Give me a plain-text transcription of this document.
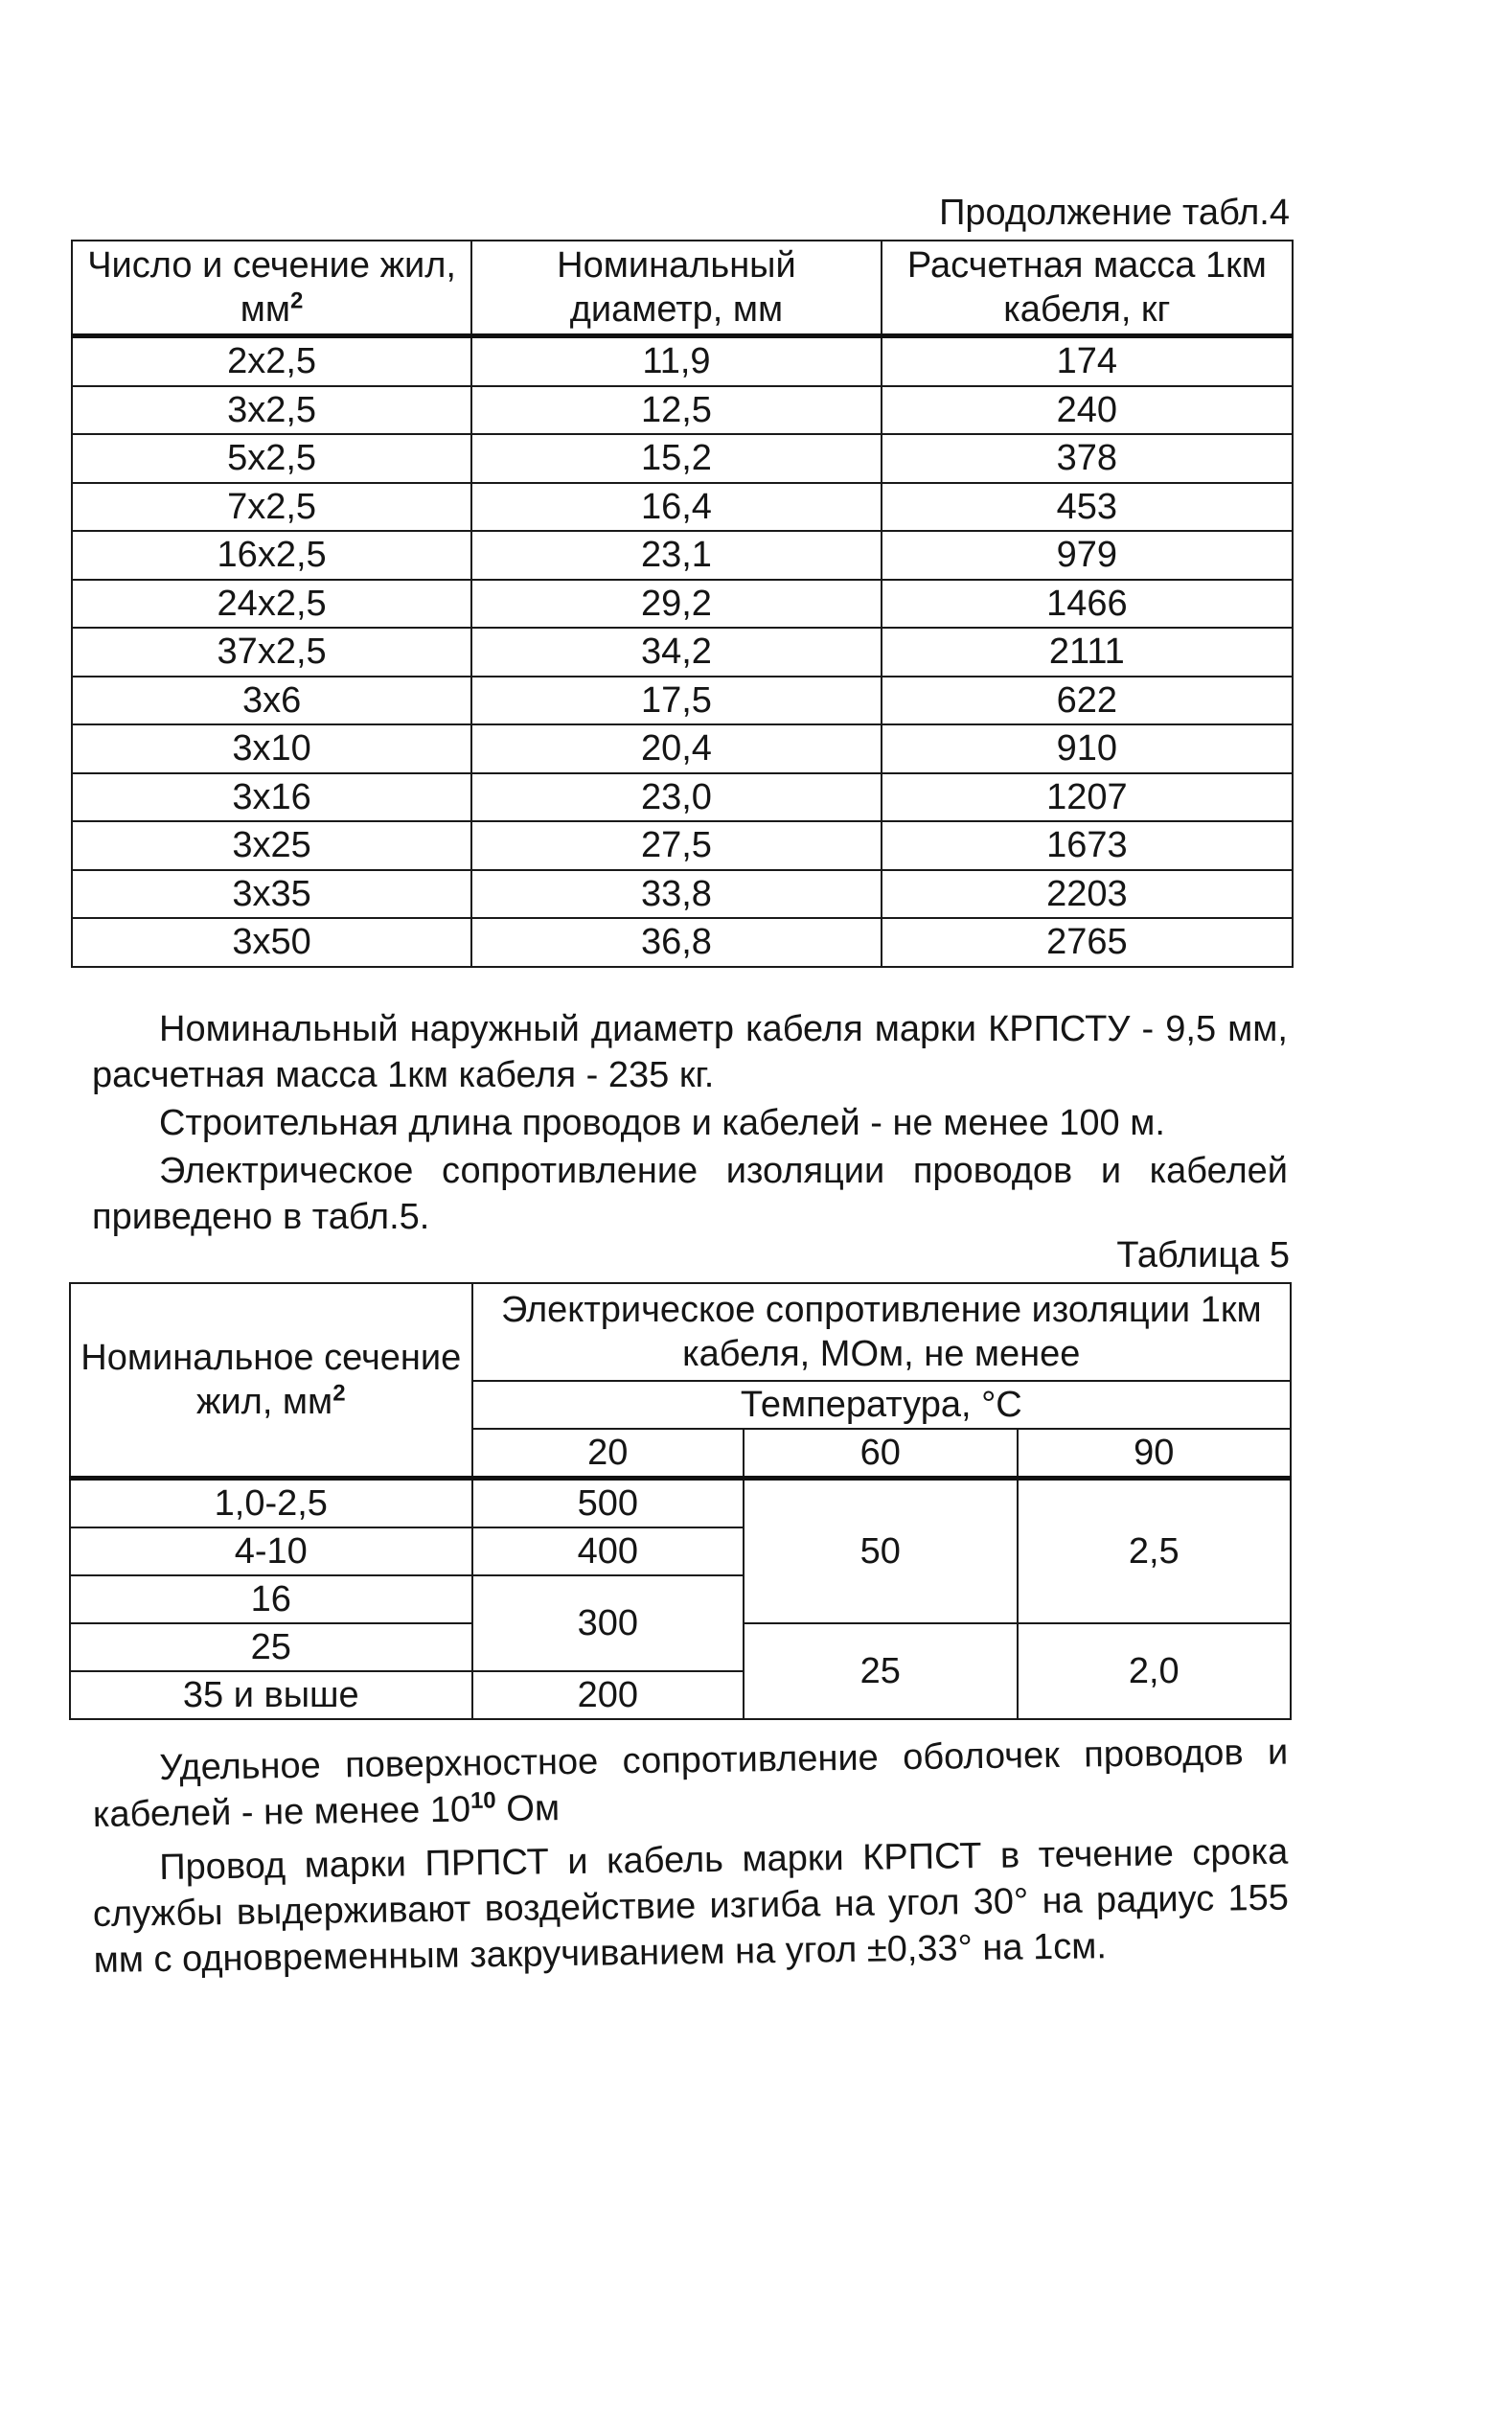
Продолжение табл.4
Число и сечение жил, $мм^2$	Номинальный диаметр, мм	Расчетная масса 1км кабеля, кг
2x2,5	11,9	174
3x2,5	12,5	240
5x2,5	15,2	378
7x2,5	16,4	453
16x2,5	23,1	979
24x2,5	29,2	1466
37x2,5	34,2	2111
3x6	17,5	622
3x10	20,4	910
3x16	23,0	1207
3x25	27,5	1673
3x35	33,8	2203
3x50	36,8	2765
Номинальный наружный диаметр кабеля марки КРПСТУ - 9,5 мм, расчетная масса 1км кабеля - 235 кг.
Строительная длина проводов и кабелей - не менее 100 м.
Электрическое сопротивление изоляции проводов и кабелей приведено в табл.5.
Таблица 5
Номинальное сечение жил, $мм^2$	Электрическое сопротивление изоляции 1км кабеля, МОм, не менее		
	Температура, °С		
	20	60	90
1,0-2,5	500	50	2,5
4-10	400		
16	300		
25		25	2,0
35 и выше	200		
Удельное поверхностное сопротивление оболочек проводов и кабелей - не менее $10^{10}$ Ом
Провод марки ПРПСТ и кабель марки КРПСТ в течение срока службы выдерживают воздействие изгиба на угол 30° на радиус 155 мм с одновременным закручиванием на угол ±0,33° на 1см.
